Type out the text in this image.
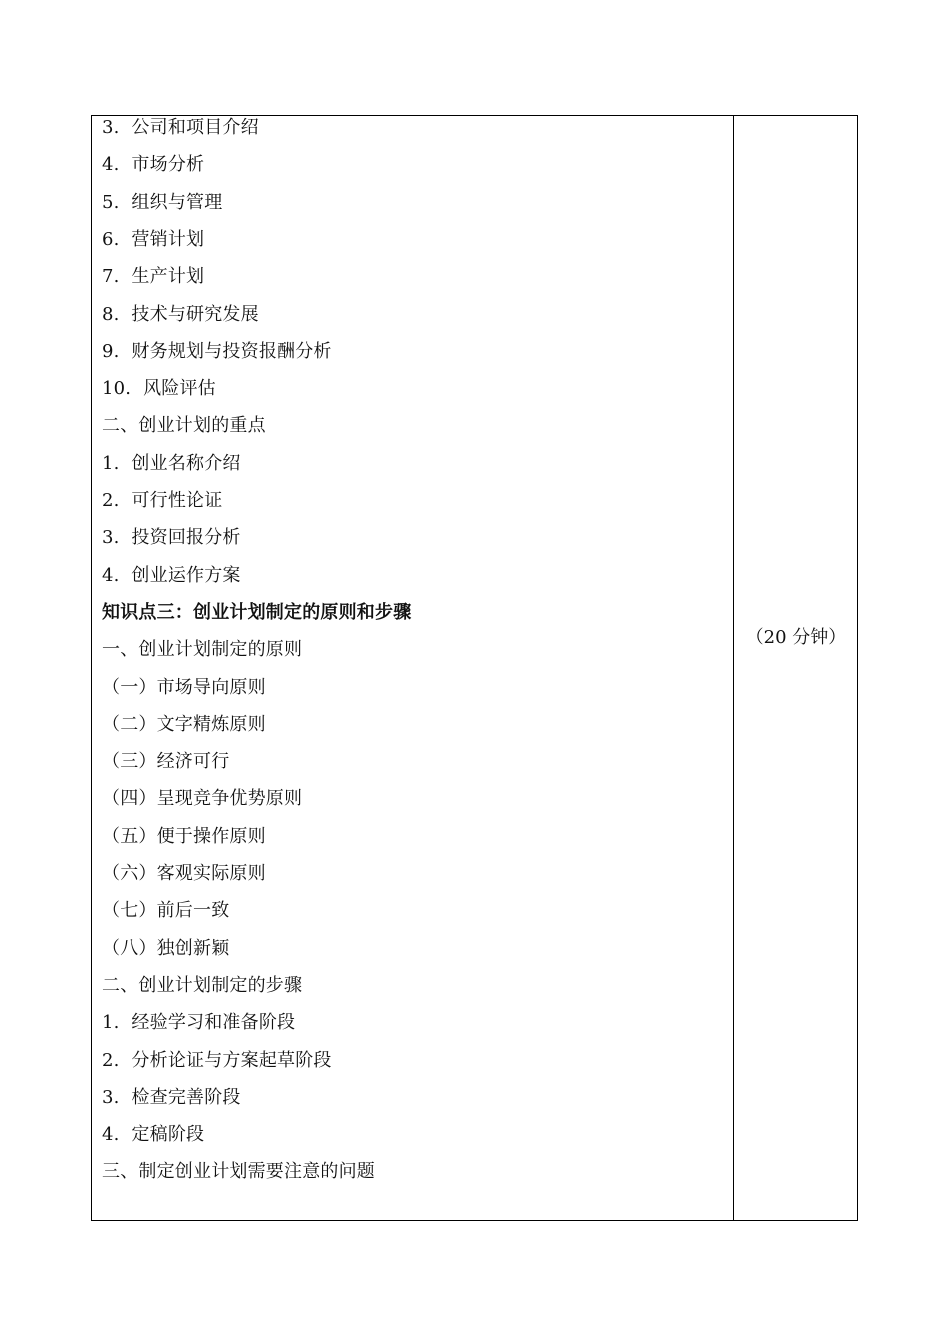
3.  公司和项目介绍
4.  市场分析
5.  组织与管理
6.  营销计划
7.  生产计划
8.  技术与研究发展
9.  财务规划与投资报酬分析
10.  风险评估
二、创业计划的重点
1.  创业名称介绍
2.  可行性论证
3.  投资回报分析
4.  创业运作方案
知识点三：创业计划制定的原则和步骤
一、创业计划制定的原则
（一）市场导向原则
（二）文字精炼原则
（三）经济可行
（四）呈现竞争优势原则
（五）便于操作原则
（六）客观实际原则
（七）前后一致
（八）独创新颖
二、创业计划制定的步骤
1.  经验学习和准备阶段
2.  分析论证与方案起草阶段
3.  检查完善阶段
4.  定稿阶段
三、制定创业计划需要注意的问题
（20 分钟）
